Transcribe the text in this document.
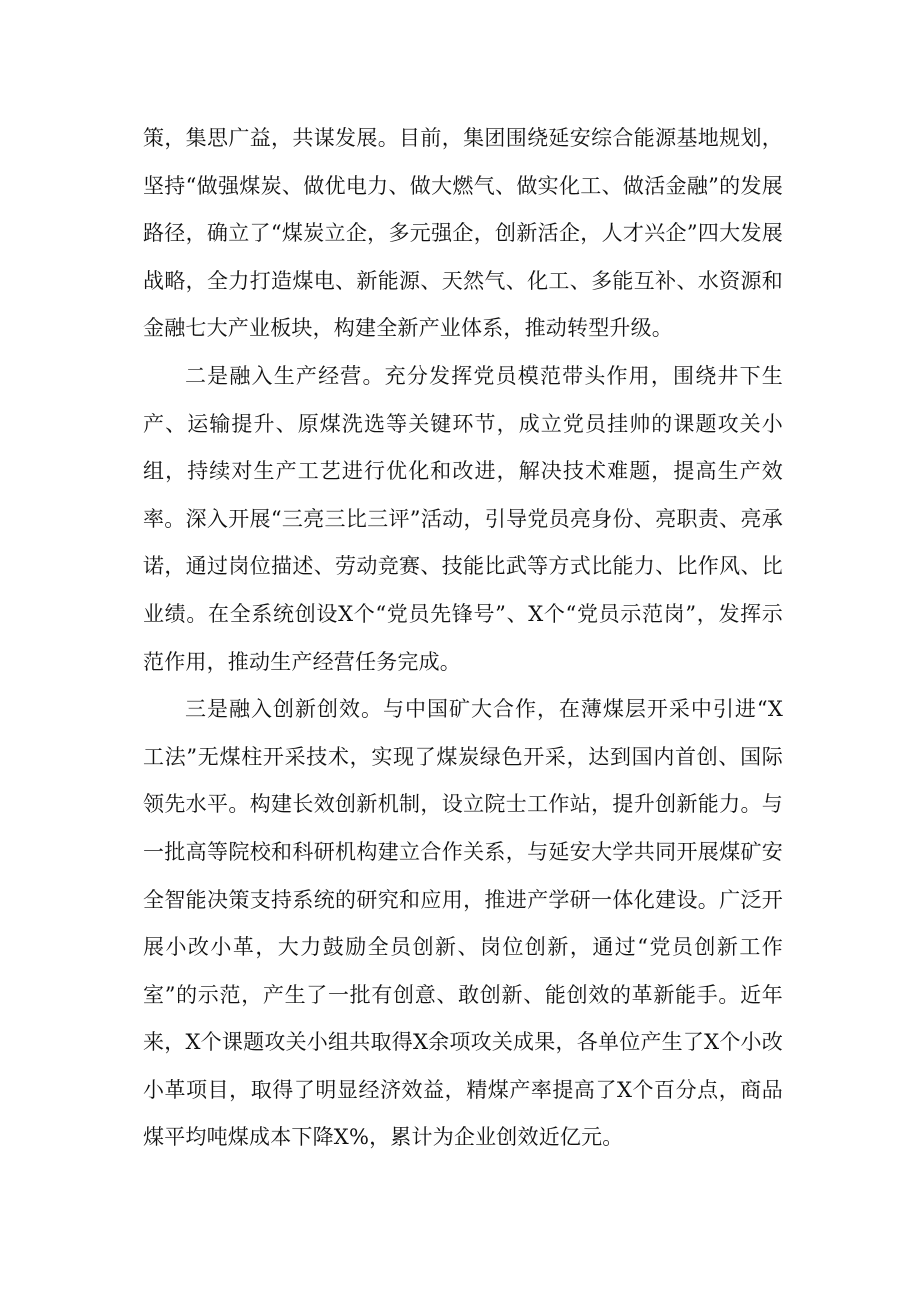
策，集思广益，共谋发展。目前，集团围绕延安综合能源基地规划，坚持“做强煤炭、做优电力、做大燃气、做实化工、做活金融”的发展路径，确立了“煤炭立企，多元强企，创新活企，人才兴企”四大发展战略，全力打造煤电、新能源、天然气、化工、多能互补、水资源和金融七大产业板块，构建全新产业体系，推动转型升级。

二是融入生产经营。充分发挥党员模范带头作用，围绕井下生产、运输提升、原煤洗选等关键环节，成立党员挂帅的课题攻关小组，持续对生产工艺进行优化和改进，解决技术难题，提高生产效率。深入开展“三亮三比三评”活动，引导党员亮身份、亮职责、亮承诺，通过岗位描述、劳动竞赛、技能比武等方式比能力、比作风、比业绩。在全系统创设X个“党员先锋号”、X个“党员示范岗”，发挥示范作用，推动生产经营任务完成。

三是融入创新创效。与中国矿大合作，在薄煤层开采中引进“X工法”无煤柱开采技术，实现了煤炭绿色开采，达到国内首创、国际领先水平。构建长效创新机制，设立院士工作站，提升创新能力。与一批高等院校和科研机构建立合作关系，与延安大学共同开展煤矿安全智能决策支持系统的研究和应用，推进产学研一体化建设。广泛开展小改小革，大力鼓励全员创新、岗位创新，通过“党员创新工作室”的示范，产生了一批有创意、敢创新、能创效的革新能手。近年来，X个课题攻关小组共取得X余项攻关成果，各单位产生了X个小改小革项目，取得了明显经济效益，精煤产率提高了X个百分点，商品煤平均吨煤成本下降X%，累计为企业创效近亿元。
